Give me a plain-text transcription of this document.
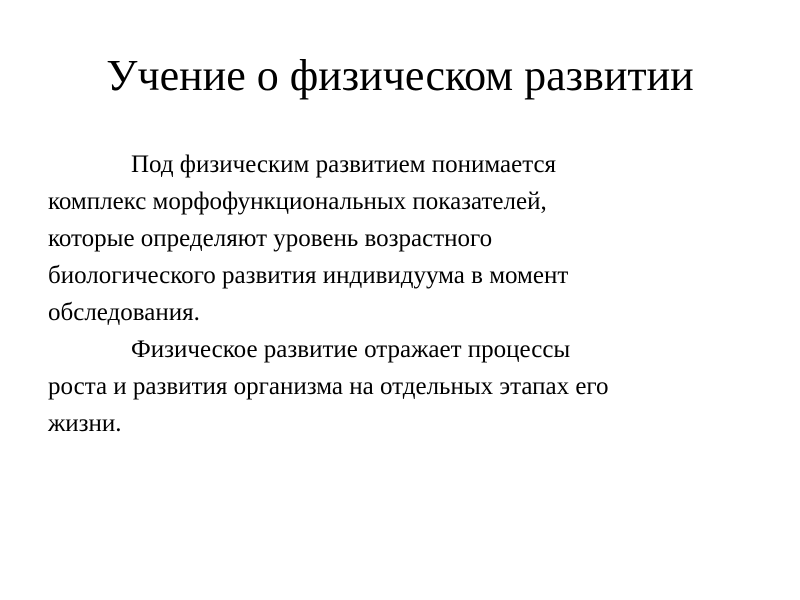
Учение о физическом развитии

Под физическим развитием понимается
комплекс морфофункциональных показателей,
которые определяют уровень возрастного
биологического развития индивидуума в момент
обследования.

Физическое развитие отражает процессы
роста и развития организма на отдельных этапах его
жизни.
